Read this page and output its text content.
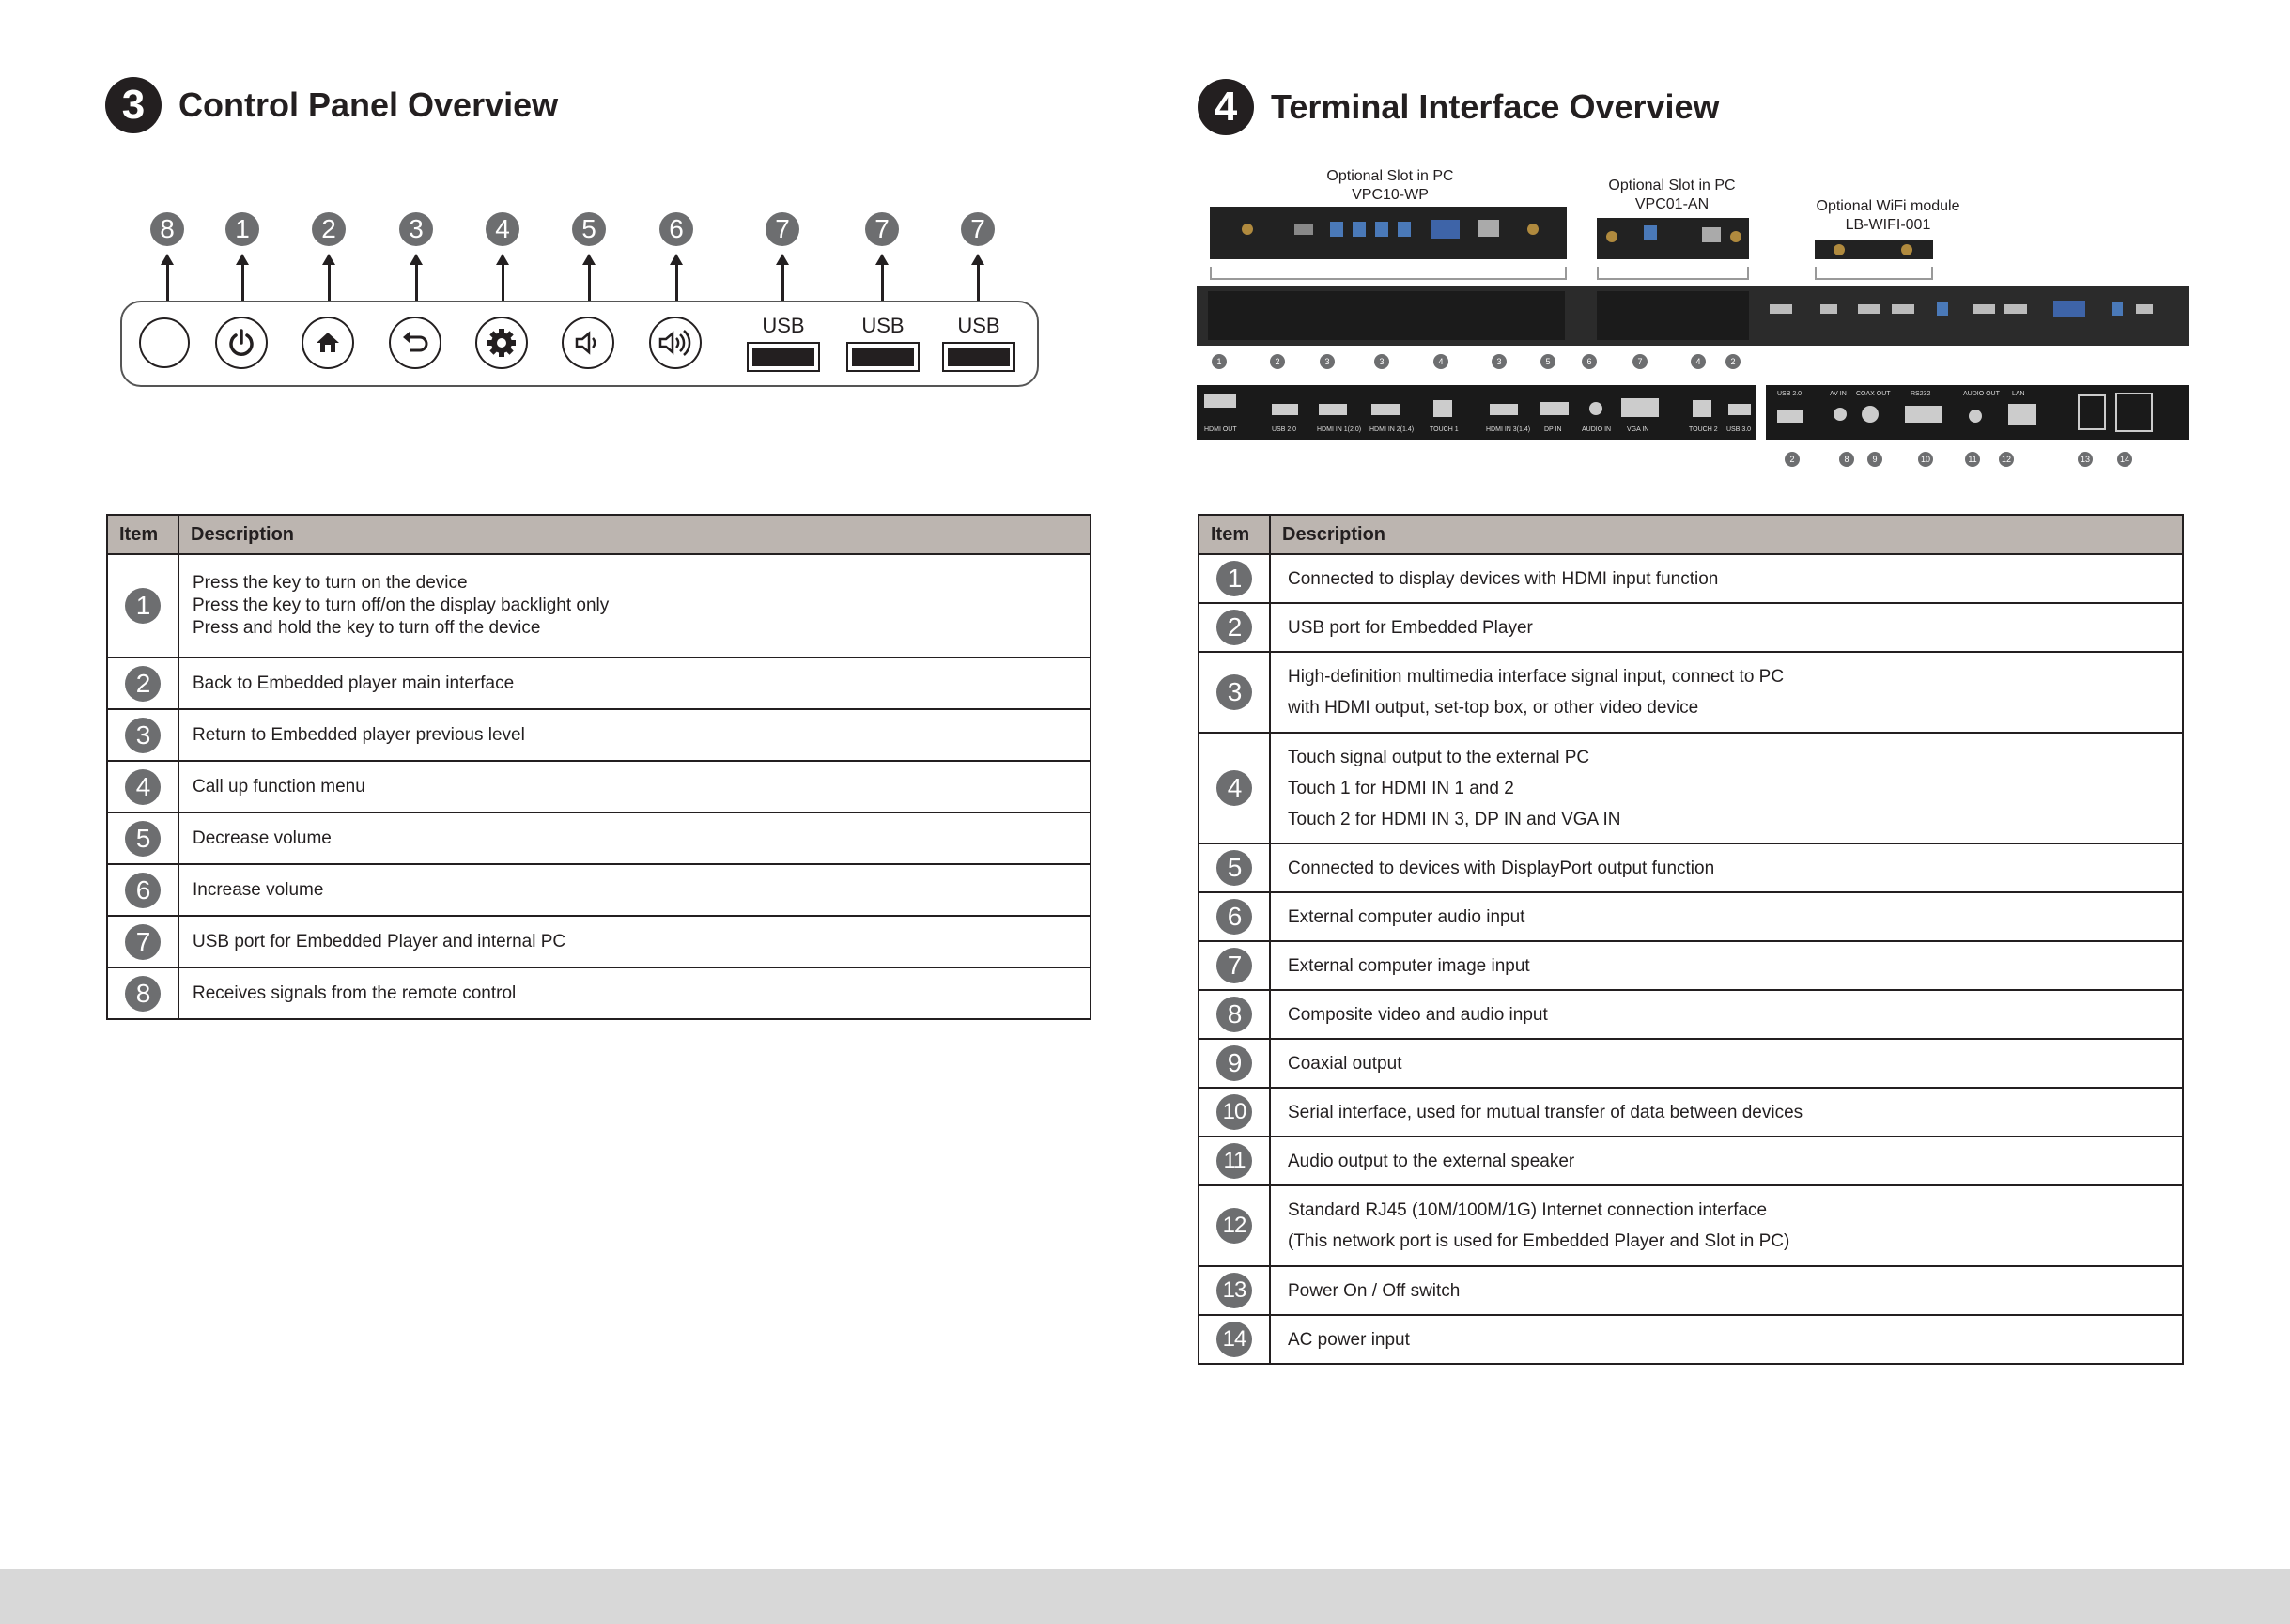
3 Control Panel Overview
8	1	2	3	4	5	6	7	7	7
USB	USB	USB
Item	Description
1	Press the key to turn on the device
Press the key to turn off/on the display backlight only
Press and hold the key to turn off the device

2	Back to Embedded player main interface
3	Return to Embedded player previous level
4	Call up function menu
5	Decrease volume
6	Increase volume
7	USB port for Embedded Player and internal PC
8	Receives signals from the remote control
4 Terminal Interface Overview
Optional Slot in PC
VPC10-WP
Optional Slot in PC
VPC01-AN	Optional WiFi module
LB-WIFI-001
1	2	3	3	4	3	5	6	7	4	2
HDMI OUT	USB 2.0	HDMI IN 1(2.0) HDMI IN 2(1.4) TOUCH 1	HDMI IN 3(1.4) DP IN	AUDIO IN VGA IN	TOUCH 2 USB 3.0
USB 2.0	AV IN COAX OUT	RS232	AUDIO OUT LAN
2	8	9	10	11	12	13	14
Item	Description
1	Connected to display devices with HDMI input function
2	USB port for Embedded Player
3	High-definition multimedia interface signal input, connect to PC
with HDMI output, set-top box, or other video device

4	Touch signal output to the external PC
Touch 1 for HDMI IN 1 and 2
Touch 2 for HDMI IN 3, DP IN and VGA IN

5	Connected to devices with DisplayPort output function
6	External computer audio input
7	External computer image input
8	Composite video and audio input
9	Coaxial output
10	Serial interface, used for mutual transfer of data between devices
11	Audio output to the external speaker
12	Standard RJ45 (10M/100M/1G) Internet connection interface
(This network port is used for Embedded Player and Slot in PC)

13	Power On / Off switch
14	AC power input
